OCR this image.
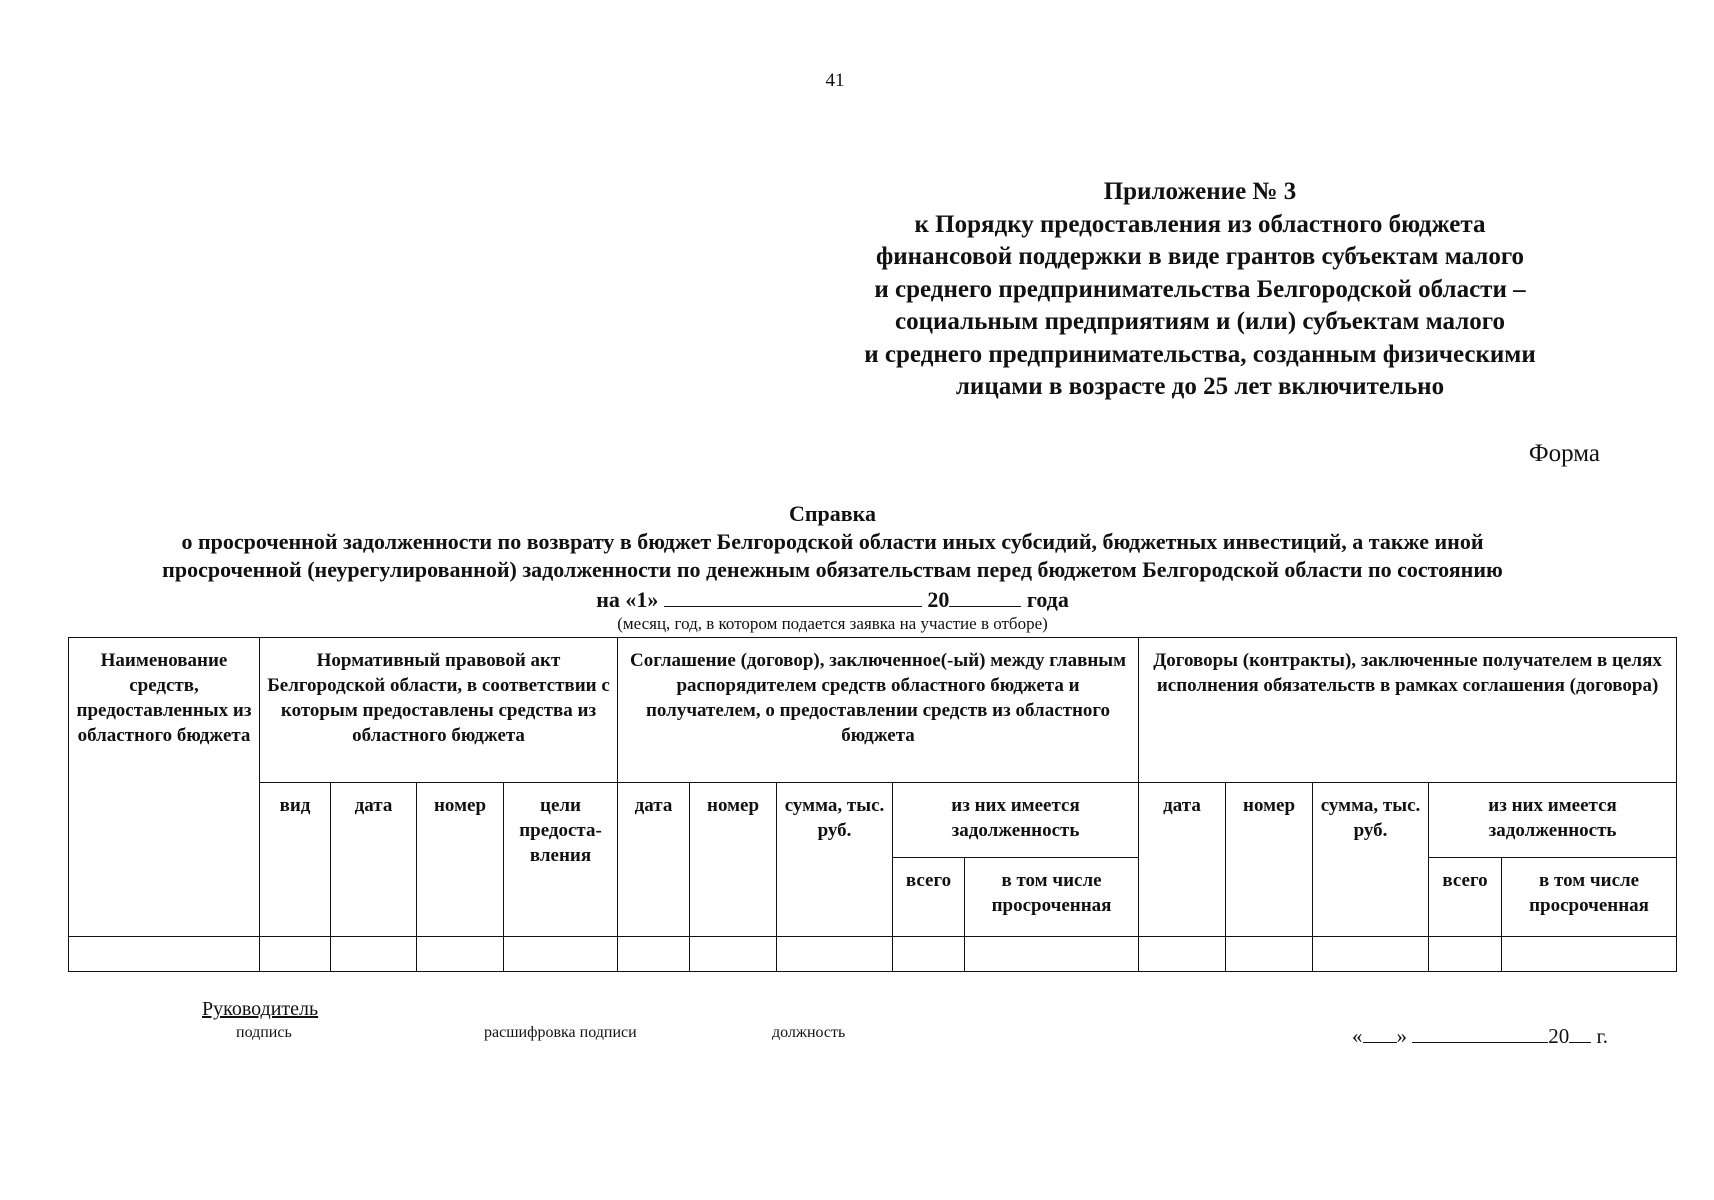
41
Приложение № 3
к Порядку предоставления из областного бюджета
финансовой поддержки в виде грантов субъектам малого
и среднего предпринимательства Белгородской области –
социальным предприятиям и (или) субъектам малого
и среднего предпринимательства, созданным физическими
лицами в возрасте до 25 лет включительно
Форма
Справка
о просроченной задолженности по возврату в бюджет Белгородской области иных субсидий, бюджетных инвестиций, а также иной
просроченной (неурегулированной) задолженности по денежным обязательствам перед бюджетом Белгородской области по состоянию
на «1»	20	года
(месяц, год, в котором подается заявка на участие в отборе)
Наименование средств, предоставленных из областного бюджета	Нормативный правовой акт Белгородской области, в соответствии с которым предоставлены средства из областного бюджета				Соглашение (договор), заключенное(-ый) между главным распорядителем средств областного бюджета и получателем, о предоставлении средств из областного бюджета					Договоры (контракты), заключенные получателем в целях исполнения обязательств в рамках соглашения (договора)				
	вид	дата	номер	цели предоста-вления	дата	номер	сумма, тыс. руб.	из них имеется задолженность		дата	номер	сумма, тыс. руб.	из них имеется задолженность	
								всего	в том числе просроченная				всего	в том числе просроченная

Руководитель
подпись	расшифровка подписи	должность	« »	20 г.
